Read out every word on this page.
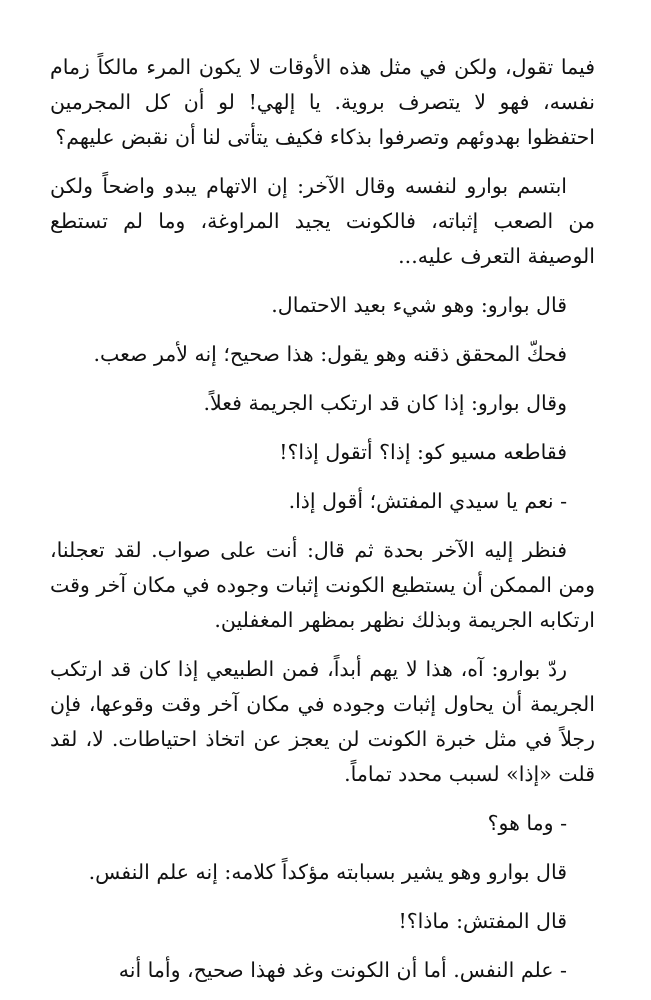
فيما تقول، ولكن في مثل هذه الأوقات لا يكون المرء مالكاً زمام نفسه، فهو لا يتصرف بروية. يا إلهي! لو أن كل المجرمين احتفظوا بهدوئهم وتصرفوا بذكاء فكيف يتأتى لنا أن نقبض عليهم؟

ابتسم بوارو لنفسه وقال الآخر: إن الاتهام يبدو واضحاً ولكن من الصعب إثباته، فالكونت يجيد المراوغة، وما لم تستطع الوصيفة التعرف عليه...

قال بوارو: وهو شيء بعيد الاحتمال.

فحكّ المحقق ذقنه وهو يقول: هذا صحيح؛ إنه لأمر صعب.

وقال بوارو: إذا كان قد ارتكب الجريمة فعلاً.

فقاطعه مسيو كو: إذا؟ أتقول إذا؟!

- نعم يا سيدي المفتش؛ أقول إذا.

فنظر إليه الآخر بحدة ثم قال: أنت على صواب. لقد تعجلنا، ومن الممكن أن يستطيع الكونت إثبات وجوده في مكان آخر وقت ارتكابه الجريمة وبذلك نظهر بمظهر المغفلين.

ردّ بوارو: آه، هذا لا يهم أبداً، فمن الطبيعي إذا كان قد ارتكب الجريمة أن يحاول إثبات وجوده في مكان آخر وقت وقوعها، فإن رجلاً في مثل خبرة الكونت لن يعجز عن اتخاذ احتياطات. لا، لقد قلت «إذا» لسبب محدد تماماً.

- وما هو؟

قال بوارو وهو يشير بسبابته مؤكداً كلامه: إنه علم النفس.

قال المفتش: ماذا؟!

- علم النفس. أما أن الكونت وغد فهذا صحيح، وأما أنه
